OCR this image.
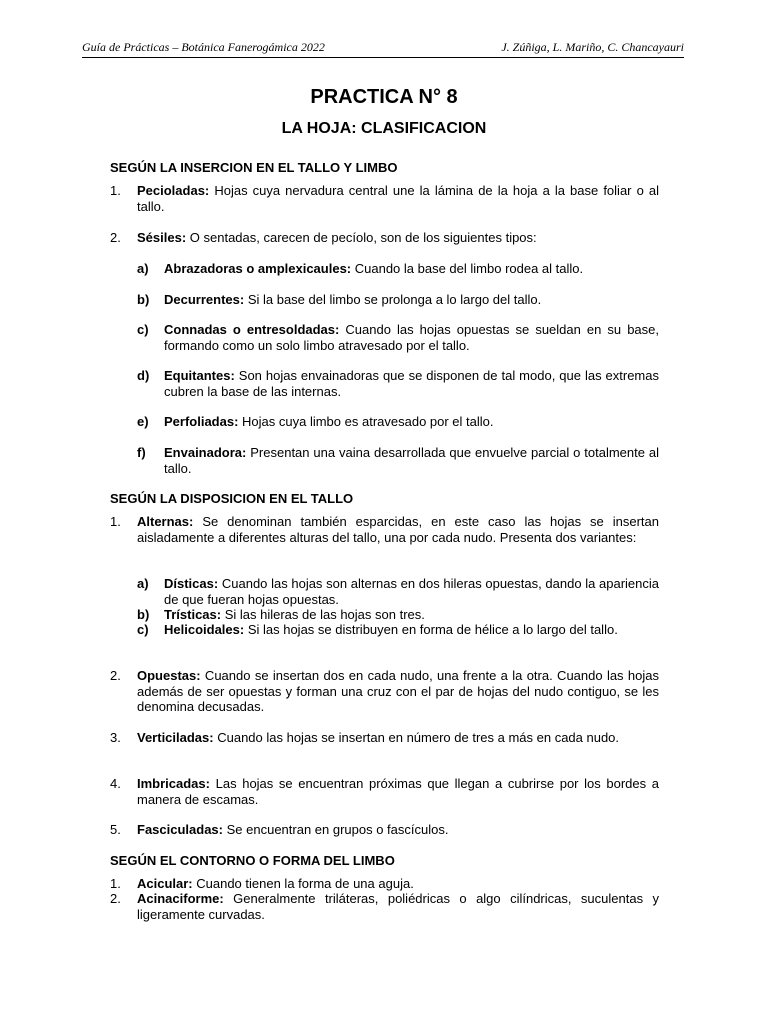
Guía de Prácticas – Botánica Fanerogámica 2022	J. Zúñiga, L. Mariño, C. Chancayauri
PRACTICA N° 8
LA HOJA: CLASIFICACION
SEGÚN LA INSERCION EN EL TALLO Y LIMBO
1. Pecioladas: Hojas cuya nervadura central une la lámina de la hoja a la base foliar o al tallo.
2. Sésiles: O sentadas, carecen de pecíolo, son de los siguientes tipos:
a) Abrazadoras o amplexicaules: Cuando la base del limbo rodea al tallo.
b) Decurrentes: Si la base del limbo se prolonga a lo largo del tallo.
c) Connadas o entresoldadas: Cuando las hojas opuestas se sueldan en su base, formando como un solo limbo atravesado por el tallo.
d) Equitantes: Son hojas envainadoras que se disponen de tal modo, que las extremas cubren la base de las internas.
e) Perfoliadas: Hojas cuya limbo es atravesado por el tallo.
f) Envainadora: Presentan una vaina desarrollada que envuelve parcial o totalmente al tallo.
SEGÚN LA DISPOSICION EN EL TALLO
1. Alternas: Se denominan también esparcidas, en este caso las hojas se insertan aisladamente a diferentes alturas del tallo, una por cada nudo. Presenta dos variantes:
a) Dísticas: Cuando las hojas son alternas en dos hileras opuestas, dando la apariencia de que fueran hojas opuestas.
b) Trísticas: Si las hileras de las hojas son tres.
c) Helicoidales: Si las hojas se distribuyen en forma de hélice a lo largo del tallo.
2. Opuestas: Cuando se insertan dos en cada nudo, una frente a la otra. Cuando las hojas además de ser opuestas y forman una cruz con el par de hojas del nudo contiguo, se les denomina decusadas.
3. Verticiladas: Cuando las hojas se insertan en número de tres a más en cada nudo.
4. Imbricadas: Las hojas se encuentran próximas que llegan a cubrirse por los bordes a manera de escamas.
5. Fasciculadas: Se encuentran en grupos o fascículos.
SEGÚN EL CONTORNO O FORMA DEL LIMBO
1. Acicular: Cuando tienen la forma de una aguja.
2. Acinaciforme: Generalmente triláteras, poliédricas o algo cilíndricas, suculentas y ligeramente curvadas.
